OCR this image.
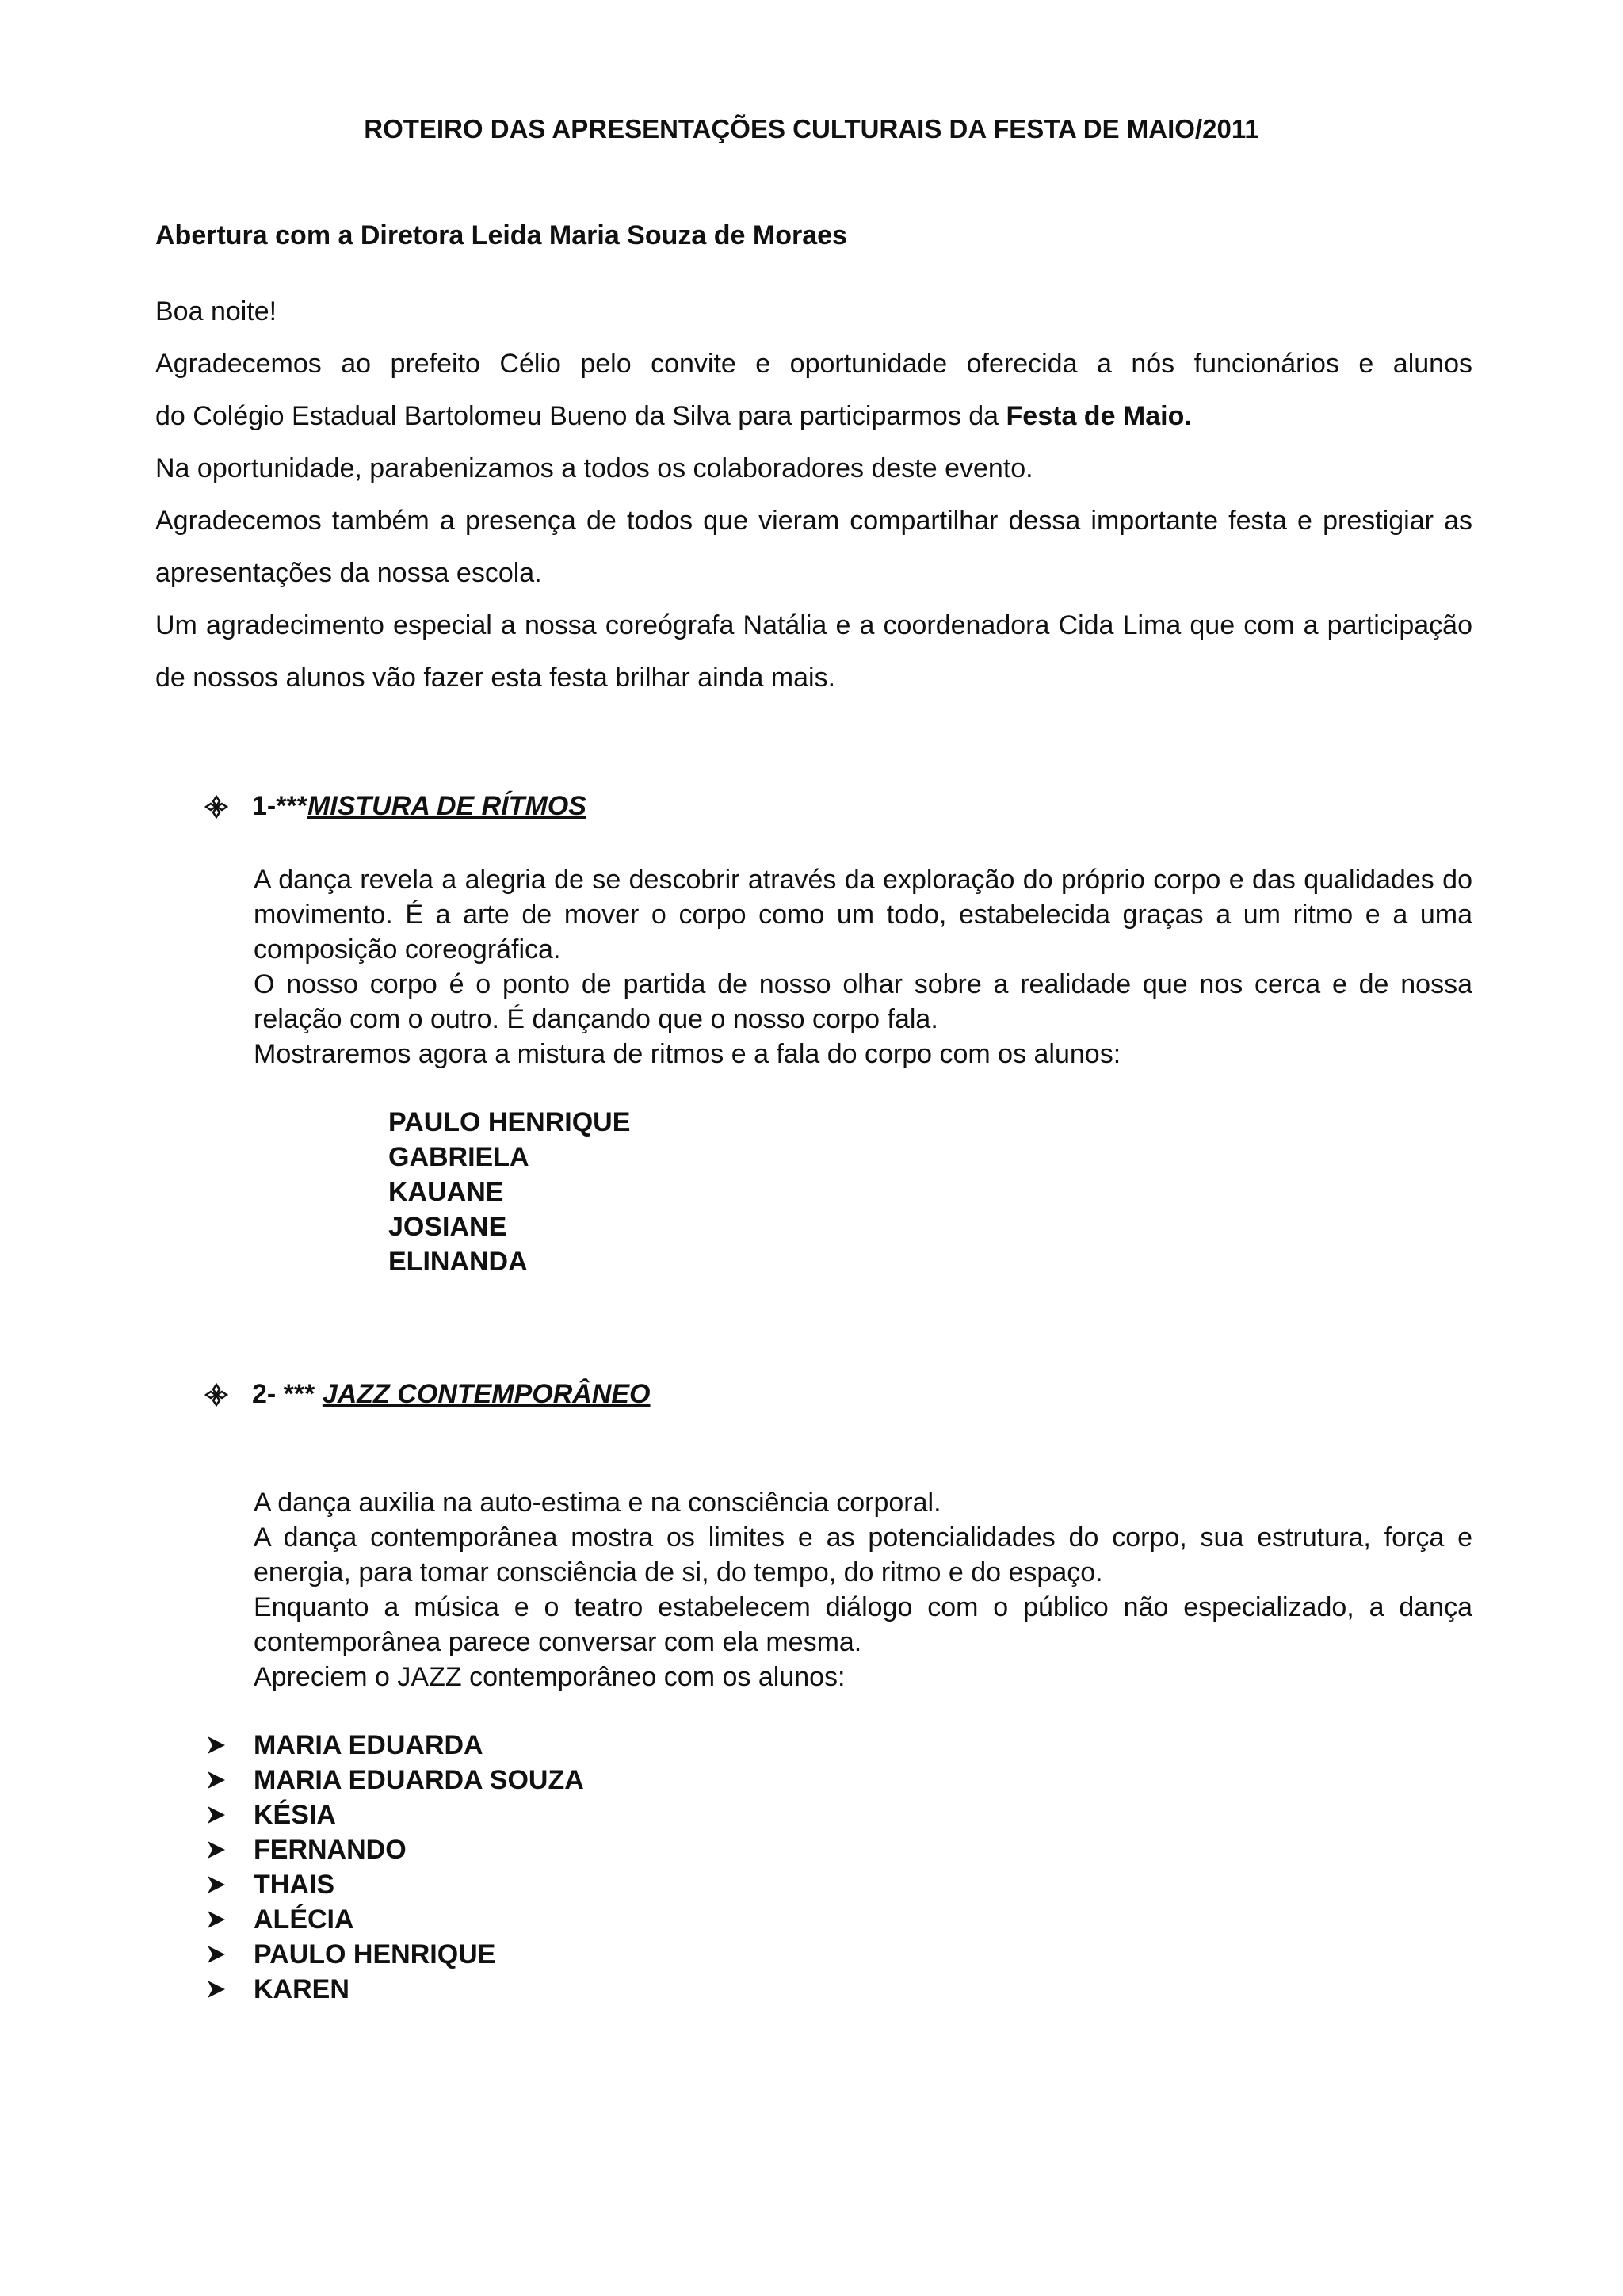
ROTEIRO DAS APRESENTAÇÕES CULTURAIS DA FESTA DE MAIO/2011
Abertura com a Diretora Leida Maria Souza de Moraes

Boa noite!

Agradecemos ao prefeito Célio pelo convite e oportunidade oferecida a nós funcionários e alunos

do Colégio Estadual Bartolomeu Bueno da Silva para participarmos da Festa de Maio.

Na oportunidade, parabenizamos a todos os colaboradores deste evento.

Agradecemos também a presença de todos que vieram compartilhar dessa importante festa e prestigiar as apresentações da nossa escola.

Um agradecimento especial a nossa coreógrafa Natália e a coordenadora Cida Lima que com a participação de nossos alunos vão fazer esta festa brilhar ainda mais.

1-*** MISTURA DE RÍTMOS

A dança revela a alegria de se descobrir através da exploração do próprio corpo e das qualidades do movimento. É a arte de mover o corpo como um todo, estabelecida graças a um ritmo e a uma composição coreográfica.

O nosso corpo é o ponto de partida de nosso olhar sobre a realidade que nos cerca e de nossa relação com o outro. É dançando que o nosso corpo fala.

Mostraremos agora a mistura de ritmos e a fala do corpo com os alunos:

PAULO HENRIQUE
GABRIELA
KAUANE
JOSIANE
ELINANDA
2- *** JAZZ CONTEMPORÂNEO

A dança auxilia na auto-estima e na consciência corporal.

A dança contemporânea mostra os limites e as potencialidades do corpo, sua estrutura, força e energia, para tomar consciência de si, do tempo, do ritmo e do espaço.

Enquanto a música e o teatro estabelecem diálogo com o público não especializado, a dança contemporânea parece conversar com ela mesma.

Apreciem o JAZZ contemporâneo com os alunos:

MARIA EDUARDA
MARIA EDUARDA SOUZA
KÉSIA
FERNANDO
THAIS
ALÉCIA
PAULO HENRIQUE
KAREN
